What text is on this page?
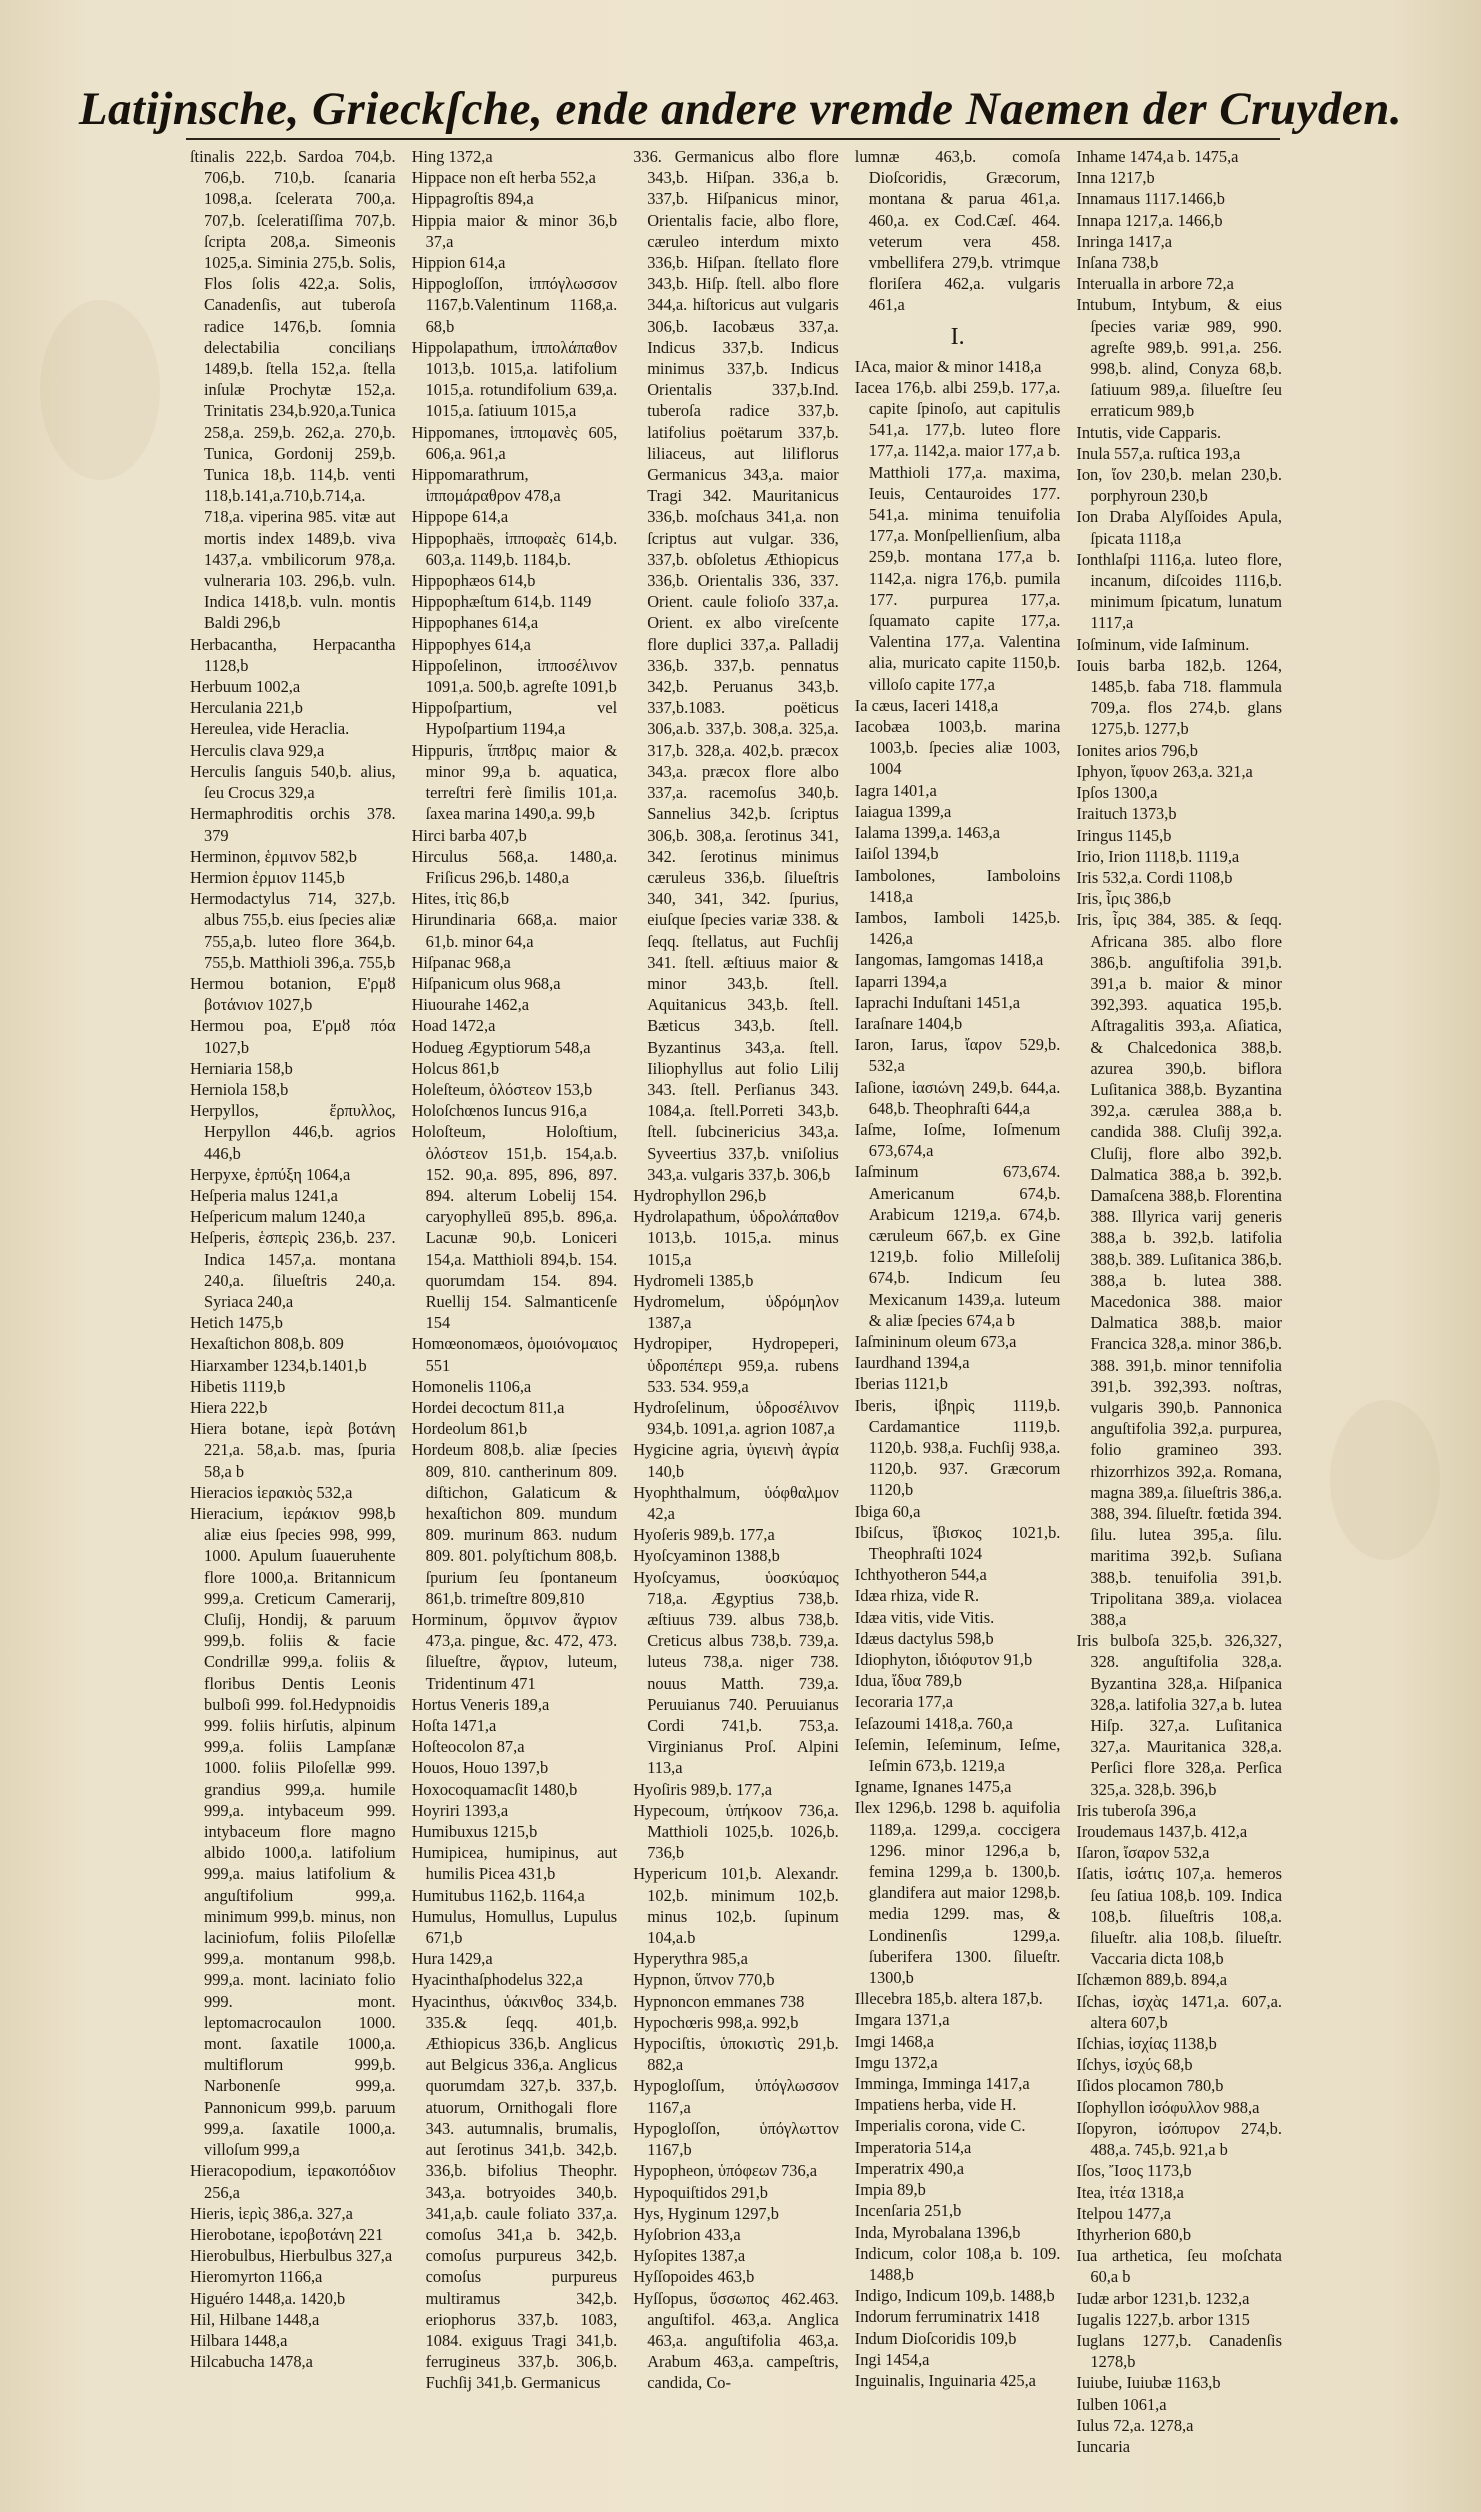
Latijnsche, Grieckſche, ende andere vremde Naemen der Cruyden.

ſtinalis 222,b. Sardoa 704,b. 706,b. 710,b. ſcanaria 1098,a. ſceleraτa 700,a. 707,b. ſceleratiſſima 707,b. ſcripta 208,a. Simeonis 1025,a. Siminia 275,b. Solis, Flos ſolis 422,a. Solis, Canadenſis, aut tuberoſa radice 1476,b. ſomnia delectabilia conciliaηs 1489,b. ſtella 152,a. ſtella inſulæ Prochytæ 152,a. Trinitatis 234,b.920,a.Tunica 258,a. 259,b. 262,a. 270,b. Tunica, Gordonij 259,b. Tunica 18,b. 114,b. venti 118,b.141,a.710,b.714,a. 718,a. viperina 985. vitæ aut mortis index 1489,b. viva 1437,a. vmbilicorum 978,a. vulneraria 103. 296,b. vuln. Indica 1418,b. vuln. montis Baldi 296,b

Herbacantha, Herpacantha 1128,b

Herbuum 1002,a

Herculania 221,b

Hereulea, vide Heraclia.

Herculis clava 929,a

Herculis ſanguis 540,b. alius, ſeu Crocus 329,a

Hermaphroditis orchis 378. 379

Herminon, ἑρμινον 582,b

Hermion ἑρμιον 1145,b

Hermodactylus 714, 327,b. albus 755,b. eius ſpecies aliæ 755,a,b. luteo flore 364,b. 755,b. Matthioli 396,a. 755,b

Hermou botanion, Ε'ρμȣ βοτάνιον 1027,b

Hermou poa, Ε'ρμȣ πόα 1027,b

Herniaria 158,b

Herniola 158,b

Herpyllos, ἕρπυλλος, Herpyllon 446,b. agrios 446,b

Herpyxe, ἑρπύξη 1064,a

Heſperia malus 1241,a

Heſpericum malum 1240,a

Heſperis, ἑσπερὶς 236,b. 237. Indica 1457,a. montana 240,a. ſilueſtris 240,a. Syriaca 240,a

Hetich 1475,b

Hexaſtichon 808,b. 809

Hiarxamber 1234,b.1401,b

Hibetis 1119,b

Hiera 222,b

Hiera botane, ἱερὰ βοτάνη 221,a. 58,a.b. mas, ſpuria 58,a b

Hieracios ἱερακιὸς 532,a

Hieracium, ἱεράκιον 998,b aliæ eius ſpecies 998, 999, 1000. Apulum ſuaueruhente flore 1000,a. Britannicum 999,a. Creticum Camerarij, Cluſij, Hondij, & paruum 999,b. foliis & facie Condrillæ 999,a. foliis & floribus Dentis Leonis bulboſi 999. fol.Hedypnoidis 999. foliis hirſutis, alpinum 999,a. foliis Lampſanæ 1000. foliis Piloſellæ 999. grandius 999,a. humile 999,a. intybaceum 999. intybaceum flore magno albido 1000,a. latifolium 999,a. maius latifolium & anguſtifolium 999,a. minimum 999,b. minus, non laciniofum, foliis Piloſellæ 999,a. montanum 998,b. 999,a. mont. laciniato folio 999. mont. leptomacrocaulon 1000. mont. ſaxatile 1000,a. multiflorum 999,b. Narbonenſe 999,a. Pannonicum 999,b. paruum 999,a. ſaxatile 1000,a. villoſum 999,a

Hieracopodium, ἱερακοπόδιον 256,a

Hieris, ἱερὶς 386,a. 327,a

Hierobotane, ἱεροβοτάνη 221

Hierobulbus, Hierbulbus 327,a

Hieromyrton 1166,a

Higuéro 1448,a. 1420,b

Hil, Hilbane 1448,a

Hilbara 1448,a

Hilcabucha 1478,a

Hing 1372,a

Hippace non eſt herba 552,a

Hippagroſtis 894,a

Hippia maior & minor 36,b 37,a

Hippion 614,a

Hippogloſſon, ἱππόγλωσσον 1167,b.Valentinum 1168,a. 68,b

Hippolapathum, ἱππολάπαθον 1013,b. 1015,a. latifolium 1015,a. rotundifolium 639,a. 1015,a. ſatiuum 1015,a

Hippomanes, ἱππομανὲς 605, 606,a. 961,a

Hippomarathrum, ἱππομάραθρον 478,a

Hippope 614,a

Hippophaës, ἱπποφαὲς 614,b. 603,a. 1149,b. 1184,b.

Hippophæos 614,b

Hippophæſtum 614,b. 1149

Hippophanes 614,a

Hippophyes 614,a

Hippoſelinon, ἱπποσέλινον 1091,a. 500,b. agreſte 1091,b

Hippoſpartium, vel Hypoſpartium 1194,a

Hippuris, ἵππȣρις maior & minor 99,a b. aquatica, terreſtri ferè ſimilis 101,a. ſaxea marina 1490,a. 99,b

Hirci barba 407,b

Hirculus 568,a. 1480,a. Friſicus 296,b. 1480,a

Hites, ἰτὶς 86,b

Hirundinaria 668,a. maior 61,b. minor 64,a

Hiſpanac 968,a

Hiſpanicum olus 968,a

Hiuourahe 1462,a

Hoad 1472,a

Hodueg Ægyptiorum 548,a

Holcus 861,b

Holeſteum, ὁλόστεον 153,b

Holoſchœnos Iuncus 916,a

Holoſteum, Holoſtium, ὁλόστεον 151,b. 154,a.b. 152. 90,a. 895, 896, 897. 894. alterum Lobelij 154. caryophylleū 895,b. 896,a. Lacunæ 90,b. Loniceri 154,a. Matthioli 894,b. 154. quorumdam 154. 894. Ruellij 154. Salmanticenſe 154

Homœonomæos, ὁμοιόνομαιος 551

Homonelis 1106,a

Hordei decoctum 811,a

Hordeolum 861,b

Hordeum 808,b. aliæ ſpecies 809, 810. cantherinum 809. diſtichon, Galaticum & hexaſtichon 809. mundum 809. murinum 863. nudum 809. 801. polyſtichum 808,b. ſpurium ſeu ſpontaneum 861,b. trimeſtre 809,810

Horminum, ὅρμινον ἄγριον 473,a. pingue, &c. 472, 473. ſilueſtre, ἄγριον, luteum, Tridentinum 471

Hortus Veneris 189,a

Hoſta 1471,a

Hoſteocolon 87,a

Houos, Houo 1397,b

Hoxocoquamacſit 1480,b

Hoyriri 1393,a

Humibuxus 1215,b

Humipicea, humipinus, aut humilis Picea 431,b

Humitubus 1162,b. 1164,a

Humulus, Homullus, Lupulus 671,b

Hura 1429,a

Hyacinthaſphodelus 322,a

Hyacinthus, ὑάκινθος 334,b. 335.& ſeqq. 401,b. Æthiopicus 336,b. Anglicus aut Belgicus 336,a. Anglicus quorumdam 327,b. 337,b. atuorum, Ornithogali flore 343. autumnalis, brumalis, aut ſerotinus 341,b. 342,b. 336,b. bifolius Theophr. 343,a. botryoides 340,b. 341,a,b. caule foliato 337,a. comoſus 341,a b. 342,b. comoſus purpureus 342,b. comoſus purpureus multiramus 342,b. eriophorus 337,b. 1083, 1084. exiguus Tragi 341,b. ferrugineus 337,b. 306,b. Fuchſij 341,b. Germanicus

336. Germanicus albo flore 343,b. Hiſpan. 336,a b. 337,b. Hiſpanicus minor, Orientalis facie, albo flore, cæruleo interdum mixto 336,b. Hiſpan. ſtellato flore 343,b. Hiſp. ſtell. albo flore 344,a. hiſtoricus aut vulgaris 306,b. Iacobæus 337,a. Indicus 337,b. Indicus minimus 337,b. Indicus Orientalis 337,b.Ind. tuberoſa radice 337,b. latifolius poëtarum 337,b. liliaceus, aut liliflorus Germanicus 343,a. maior Tragi 342. Mauritanicus 336,b. moſchaus 341,a. non ſcriptus aut vulgar. 336, 337,b. obſoletus Æthiopicus 336,b. Orientalis 336, 337. Orient. caule folioſo 337,a. Orient. ex albo vireſcente flore duplici 337,a. Palladij 336,b. 337,b. pennatus 342,b. Peruanus 343,b. 337,b.1083. poëticus 306,a.b. 337,b. 308,a. 325,a. 317,b. 328,a. 402,b. præcox 343,a. præcox flore albo 337,a. racemoſus 340,b. Sannelius 342,b. ſcriptus 306,b. 308,a. ſerotinus 341, 342. ſerotinus minimus cæruleus 336,b. ſilueſtris 340, 341, 342. ſpurius, eiuſque ſpecies variæ 338. & ſeqq. ſtellatus, aut Fuchſij 341. ſtell. æſtiuus maior & minor 343,b. ſtell. Aquitanicus 343,b. ſtell. Bæticus 343,b. ſtell. Byzantinus 343,a. ſtell. Iiliophyllus aut folio Lilij 343. ſtell. Perſianus 343. 1084,a. ſtell.Porreti 343,b. ſtell. ſubcinericius 343,a. Syveertius 337,b. vniſolius 343,a. vulgaris 337,b. 306,b

Hydrophyllon 296,b

Hydrolapathum, ὑδρολάπαθον 1013,b. 1015,a. minus 1015,a

Hydromeli 1385,b

Hydromelum, ὑδρόμηλον 1387,a

Hydropiper, Hydropeperi, ὑδροπέπερι 959,a. rubens 533. 534. 959,a

Hydroſelinum, ὑδροσέλινον 934,b. 1091,a. agrion 1087,a

Hygicine agria, ὑγιεινὴ ἀγρία 140,b

Hyophthalmum, ὑόφθαλμον 42,a

Hyoſeris 989,b. 177,a

Hyoſcyaminon 1388,b

Hyoſcyamus, ὑοσκύαμος 718,a. Ægyptius 738,b. æſtiuus 739. albus 738,b. Creticus albus 738,b. 739,a. luteus 738,a. niger 738. nouus Matth. 739,a. Peruuianus 740. Peruuianus Cordi 741,b. 753,a. Virginianus Proſ. Alpini 113,a

Hyoſiris 989,b. 177,a

Hypecoum, ὑπήκοον 736,a. Matthioli 1025,b. 1026,b. 736,b

Hypericum 101,b. Alexandr. 102,b. minimum 102,b. minus 102,b. ſupinum 104,a.b

Hyperythra 985,a

Hypnon, ὕπνον 770,b

Hypnoncon emmanes 738

Hypochœris 998,a. 992,b

Hypociſtis, ὑποκιστὶς 291,b. 882,a

Hypogloſſum, ὑπόγλωσσον 1167,a

Hypogloſſon, ὑπόγλωττον 1167,b

Hypopheon, ὑπόφεων 736,a

Hypoquiſtidos 291,b

Hys, Hyginum 1297,b

Hyſobrion 433,a

Hyſopites 1387,a

Hyſſopoides 463,b

Hyſſopus, ὕσσωπος 462.463. anguſtifol. 463,a. Anglica 463,a. anguſtifolia 463,a. Arabum 463,a. campeſtris, candida, Co-

lumnæ 463,b. comoſa Dioſcoridis, Græcorum, montana & parua 461,a. 460,a. ex Cod.Cæſ. 464. veterum vera 458. vmbellifera 279,b. vtrimque floriſera 462,a. vulgaris 461,a

I.

IAca, maior & minor 1418,a

Iacea 176,b. albi 259,b. 177,a. capite ſpinoſo, aut capitulis 541,a. 177,b. luteo flore 177,a. 1142,a. maior 177,a b. Matthioli 177,a. maxima, Ieuis, Centauroides 177. 541,a. minima tenuifolia 177,a. Monſpellienſium, alba 259,b. montana 177,a b. 1142,a. nigra 176,b. pumila 177. purpurea 177,a. ſquamato capite 177,a. Valentina 177,a. Valentina alia, muricato capite 1150,b. villoſo capite 177,a

Ia cæus, Iaceri 1418,a

Iacobæa 1003,b. marina 1003,b. ſpecies aliæ 1003, 1004

Iagra 1401,a

Iaiagua 1399,a

Ialama 1399,a. 1463,a

Iaiſol 1394,b

Iambolones, Iamboloins 1418,a

Iambos, Iamboli 1425,b. 1426,a

Iangomas, Iamgomas 1418,a

Iaparri 1394,a

Iaprachi Induſtani 1451,a

Iaraſnare 1404,b

Iaron, Iarus, ἴαρον 529,b. 532,a

Iaſione, ἰασιώνη 249,b. 644,a. 648,b. Theophraſti 644,a

Iaſme, Ioſme, Ioſmenum 673,674,a

Iaſminum	673,674. Americanum 674,b. Arabicum 1219,a. 674,b. cæruleum 667,b. ex Gine 1219,b. folio Milleſolij 674,b. Indicum ſeu Mexicanum 1439,a. luteum & aliæ ſpecies 674,a b

Iaſmininum oleum 673,a

Iaurdhand 1394,a

Iberias 1121,b

Iberis, ἰβηρὶς 1119,b. Cardamantice 1119,b. 1120,b. 938,a. Fuchſij 938,a. 1120,b. 937. Græcorum 1120,b

Ibiga 60,a

Ibiſcus, ἴβισκος 1021,b. Theophraſti 1024

Ichthyotheron 544,a

Idæa rhiza, vide R.

Idæa vitis, vide Vitis.

Idæus dactylus 598,b

Idiophyton, ἰδιόφυτον 91,b

Idua, ἴδυα 789,b

Iecoraria 177,a

Ieſazoumi 1418,a. 760,a

Ieſemin, Ieſeminum, Ieſme, Ieſmin 673,b. 1219,a

Igname, Ignanes 1475,a

Ilex 1296,b. 1298 b. aquifolia 1189,a. 1299,a. coccigera 1296. minor 1296,a b, femina 1299,a b. 1300,b. glandifera aut maior 1298,b. media 1299. mas, & Londinenſis 1299,a. ſuberifera 1300. ſilueſtr. 1300,b

Illecebra 185,b. altera 187,b.

Imgara 1371,a

Imgi 1468,a

Imgu 1372,a

Imminga, Imminga 1417,a

Impatiens herba, vide H.

Imperialis corona, vide C.

Imperatoria 514,a

Imperatrix 490,a

Impia 89,b

Incenſaria 251,b

Inda, Myrobalana 1396,b

Indicum, color 108,a b. 109. 1488,b

Indigo, Indicum 109,b. 1488,b

Indorum ferruminatrix 1418

Indum Dioſcoridis 109,b

Ingi 1454,a

Inguinalis, Inguinaria 425,a

Inhame 1474,a b. 1475,a

Inna 1217,b

Innamaus 1117.1466,b

Innapa 1217,a. 1466,b

Inringa 1417,a

Inſana 738,b

Interualla in arbore 72,a

Intubum, Intybum, & eius ſpecies variæ 989, 990. agreſte 989,b. 991,a. 256. 998,b. alind, Conyza 68,b. ſatiuum 989,a. ſilueſtre ſeu erraticum 989,b

Intutis, vide Capparis.

Inula 557,a. ruſtica 193,a

Ion, ἴον 230,b. melan 230,b. porphyroun 230,b

Ion Draba Alyſſoides Apula, ſpicata 1118,a

Ionthlaſpi 1116,a. luteo flore, incanum, diſcoides 1116,b. minimum ſpicatum, lunatum 1117,a

Ioſminum, vide Iaſminum.

Iouis barba 182,b. 1264, 1485,b. faba 718. flammula 709,a. flos 274,b. glans 1275,b. 1277,b

Ionites arios 796,b

Iphyon, ἴφυον 263,a. 321,a

Ipſos 1300,a

Iraituch 1373,b

Iringus 1145,b

Irio, Irion 1118,b. 1119,a

Iris 532,a. Cordi 1108,b

Iris, ἶρις 386,b

Iris, ἶρις 384, 385. & ſeqq. Africana 385. albo flore 386,b. anguſtifolia 391,b. 391,a b. maior & minor 392,393. aquatica 195,b. Aſtragalitis 393,a. Aſiatica, & Chalcedonica 388,b. azurea 390,b. biflora Luſitanica 388,b. Byzantina 392,a. cærulea 388,a b. candida 388. Cluſij 392,a. Cluſij, flore albo 392,b. Dalmatica 388,a b. 392,b. Damaſcena 388,b. Florentina 388. Illyrica varij generis 388,a b. 392,b. latifolia 388,b. 389. Luſitanica 386,b. 388,a b. lutea 388. Macedonica 388. maior Dalmatica 388,b. maior Francica 328,a. minor 386,b. 388. 391,b. minor tennifolia 391,b. 392,393. noſtras, vulgaris 390,b. Pannonica anguſtifolia 392,a. purpurea, folio gramineo 393. rhizorrhizos 392,a. Romana, magna 389,a. ſilueſtris 386,a. 388, 394. ſilueſtr. fœtida 394. ſilu. lutea 395,a. ſilu. maritima 392,b. Suſiana 388,b. tenuifolia 391,b. Tripolitana 389,a. violacea 388,a

Iris bulboſa 325,b. 326,327, 328. anguſtifolia 328,a. Byzantina 328,a. Hiſpanica 328,a. latifolia 327,a b. lutea Hiſp. 327,a. Luſitanica 327,a. Mauritanica 328,a. Perſici flore 328,a. Perſica 325,a. 328,b. 396,b

Iris tuberoſa 396,a

Iroudemaus 1437,b. 412,a

Iſaron, ἴσαρον 532,a

Iſatis, ἰσάτις 107,a. hemeros ſeu ſatiua 108,b. 109. Indica 108,b. ſilueſtris 108,a. ſilueſtr. alia 108,b. ſilueſtr. Vaccaria dicta 108,b

Iſchæmon 889,b. 894,a

Iſchas, ἰσχὰς 1471,a. 607,a. altera 607,b

Iſchias, ἰσχίας 1138,b

Iſchys, ἰσχύς 68,b

Iſidos plocamon 780,b

Iſophyllon ἰσόφυλλον 988,a

Iſopyron, ἰσόπυρον 274,b. 488,a. 745,b. 921,a b

Iſos, Ἴσος 1173,b

Itea, ἰτέα 1318,a

Itelpou 1477,a

Ithyrherion 680,b

Iua arthetica, ſeu moſchata 60,a b

Iudæ arbor 1231,b. 1232,a

Iugalis 1227,b. arbor 1315

Iuglans 1277,b. Canadenſis 1278,b

Iuiube, Iuiubæ 1163,b

Iulben 1061,a

Iulus 72,a. 1278,a

Iuncaria
